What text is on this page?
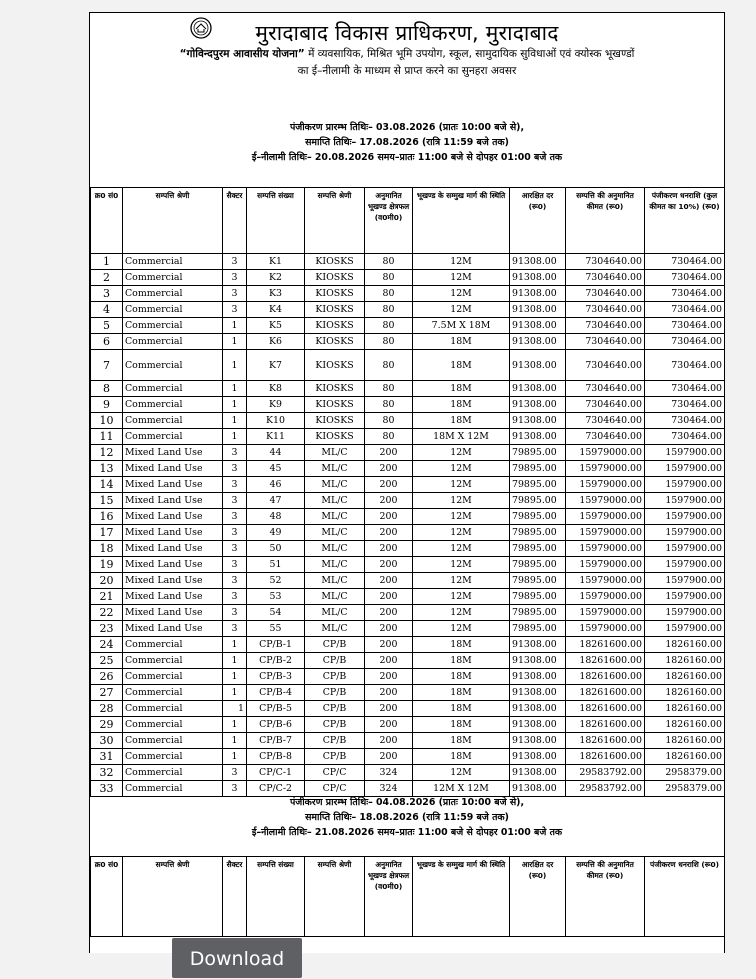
मुरादाबाद विकास प्राधिकरण, मुरादाबाद
“गोविन्दपुरम आवासीय योजना” में व्यवसायिक, मिश्रित भूमि उपयोग, स्कूल, सामुदायिक सुविधाओं एवं क्योस्क भूखण्डों
का ई–नीलामी के माध्यम से प्राप्त करने का सुनहरा अवसर
पंजीकरण प्रारम्भ तिथिः– 03.08.2026 (प्रातः 10:00 बजे से),
समाप्ति तिथिः– 17.08.2026 (रात्रि 11:59 बजे तक)
ई–नीलामी तिथिः– 20.08.2026 समय–प्रातः 11:00 बजे से दोपहर 01:00 बजे तक
क्र0 सं0	सम्पत्ति श्रेणी	सैक्टर	सम्पत्ति संख्या	सम्पत्ति श्रेणी	अनुमानित भूखण्ड क्षेत्रफल (व0मी0)	भूखण्ड के सम्मुख मार्ग की स्थिति	आरक्षित दर (रू0)	सम्पत्ति की अनुमानित कीमत (रू0)	पंजीकरण धनराशि (कुल कीमत का 10%) (रू0)
1	Commercial	3	K1	KIOSKS	80	12M	91308.00	7304640.00	730464.00
2	Commercial	3	K2	KIOSKS	80	12M	91308.00	7304640.00	730464.00
3	Commercial	3	K3	KIOSKS	80	12M	91308.00	7304640.00	730464.00
4	Commercial	3	K4	KIOSKS	80	12M	91308.00	7304640.00	730464.00
5	Commercial	1	K5	KIOSKS	80	7.5M X 18M	91308.00	7304640.00	730464.00
6	Commercial	1	K6	KIOSKS	80	18M	91308.00	7304640.00	730464.00
7	Commercial	1	K7	KIOSKS	80	18M	91308.00	7304640.00	730464.00
8	Commercial	1	K8	KIOSKS	80	18M	91308.00	7304640.00	730464.00
9	Commercial	1	K9	KIOSKS	80	18M	91308.00	7304640.00	730464.00
10	Commercial	1	K10	KIOSKS	80	18M	91308.00	7304640.00	730464.00
11	Commercial	1	K11	KIOSKS	80	18M X 12M	91308.00	7304640.00	730464.00
12	Mixed Land Use	3	44	ML/C	200	12M	79895.00	15979000.00	1597900.00
13	Mixed Land Use	3	45	ML/C	200	12M	79895.00	15979000.00	1597900.00
14	Mixed Land Use	3	46	ML/C	200	12M	79895.00	15979000.00	1597900.00
15	Mixed Land Use	3	47	ML/C	200	12M	79895.00	15979000.00	1597900.00
16	Mixed Land Use	3	48	ML/C	200	12M	79895.00	15979000.00	1597900.00
17	Mixed Land Use	3	49	ML/C	200	12M	79895.00	15979000.00	1597900.00
18	Mixed Land Use	3	50	ML/C	200	12M	79895.00	15979000.00	1597900.00
19	Mixed Land Use	3	51	ML/C	200	12M	79895.00	15979000.00	1597900.00
20	Mixed Land Use	3	52	ML/C	200	12M	79895.00	15979000.00	1597900.00
21	Mixed Land Use	3	53	ML/C	200	12M	79895.00	15979000.00	1597900.00
22	Mixed Land Use	3	54	ML/C	200	12M	79895.00	15979000.00	1597900.00
23	Mixed Land Use	3	55	ML/C	200	12M	79895.00	15979000.00	1597900.00
24	Commercial	1	CP/B-1	CP/B	200	18M	91308.00	18261600.00	1826160.00
25	Commercial	1	CP/B-2	CP/B	200	18M	91308.00	18261600.00	1826160.00
26	Commercial	1	CP/B-3	CP/B	200	18M	91308.00	18261600.00	1826160.00
27	Commercial	1	CP/B-4	CP/B	200	18M	91308.00	18261600.00	1826160.00
28	Commercial	1	CP/B-5	CP/B	200	18M	91308.00	18261600.00	1826160.00
29	Commercial	1	CP/B-6	CP/B	200	18M	91308.00	18261600.00	1826160.00
30	Commercial	1	CP/B-7	CP/B	200	18M	91308.00	18261600.00	1826160.00
31	Commercial	1	CP/B-8	CP/B	200	18M	91308.00	18261600.00	1826160.00
32	Commercial	3	CP/C-1	CP/C	324	12M	91308.00	29583792.00	2958379.00
33	Commercial	3	CP/C-2	CP/C	324	12M X 12M	91308.00	29583792.00	2958379.00
पंजीकरण प्रारम्भ तिथिः– 04.08.2026 (प्रातः 10:00 बजे से),
समाप्ति तिथिः– 18.08.2026 (रात्रि 11:59 बजे तक)
ई–नीलामी तिथिः– 21.08.2026 समय–प्रातः 11:00 बजे से दोपहर 01:00 बजे तक
क्र0 सं0	सम्पत्ति श्रेणी	सैक्टर	सम्पत्ति संख्या	सम्पत्ति श्रेणी	अनुमानित भूखण्ड क्षेत्रफल (व0मी0)	भूखण्ड के सम्मुख मार्ग की स्थिति	आरक्षित दर (रू0)	सम्पत्ति की अनुमानित कीमत (रू0)	पंजीकरण धनराशि (रू0)
Download
